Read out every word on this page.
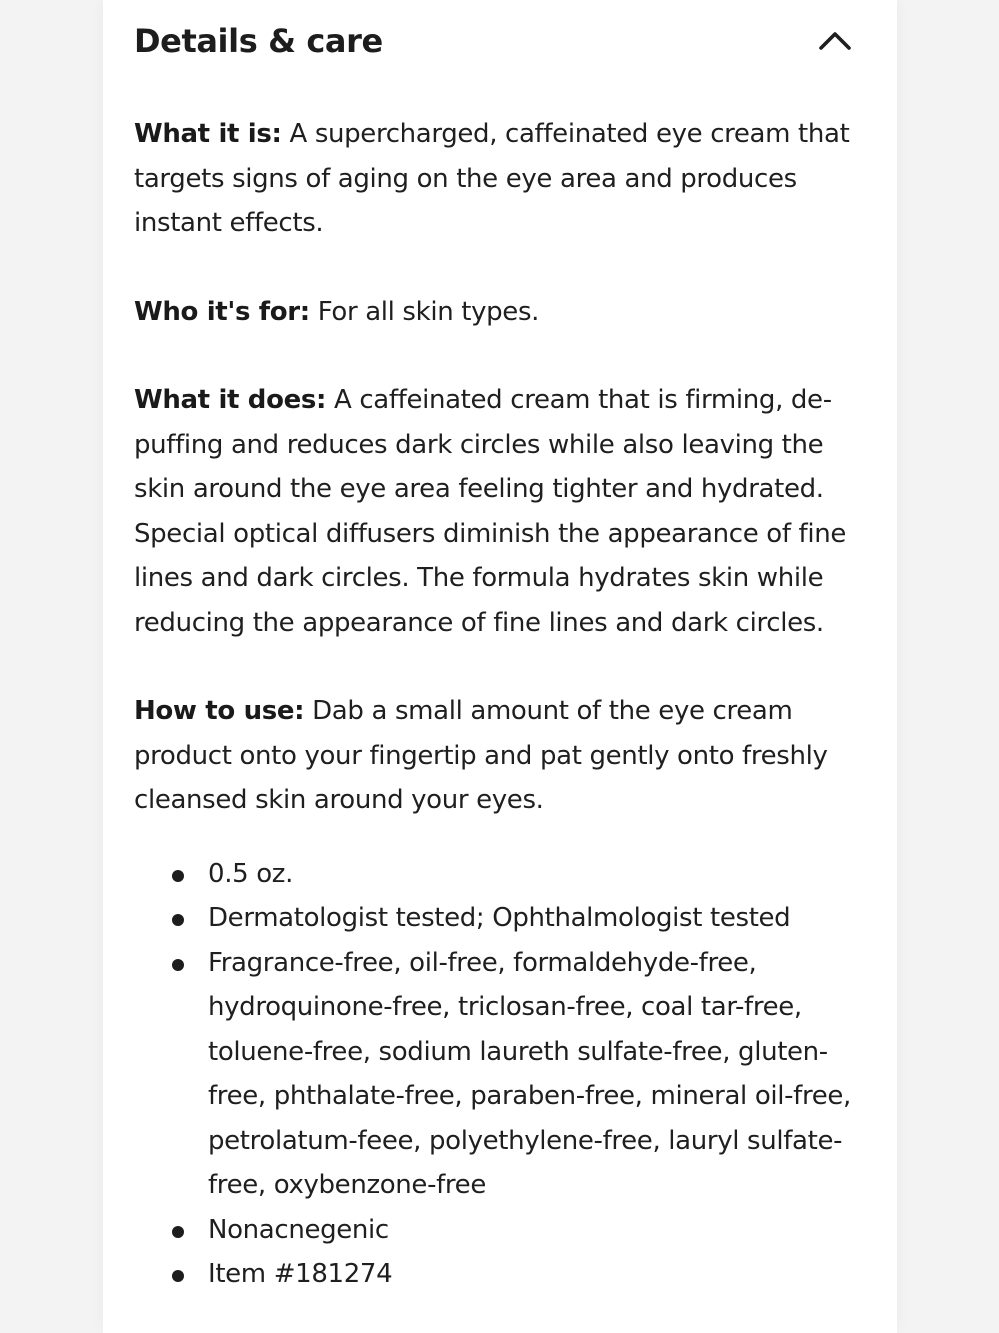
Details & care

What it is: A supercharged, caffeinated eye cream that targets signs of aging on the eye area and produces instant effects.

Who it's for: For all skin types.

What it does: A caffeinated cream that is firming, de-puffing and reduces dark circles while also leaving the skin around the eye area feeling tighter and hydrated. Special optical diffusers diminish the appearance of fine lines and dark circles. The formula hydrates skin while reducing the appearance of fine lines and dark circles.

How to use: Dab a small amount of the eye cream product onto your fingertip and pat gently onto freshly cleansed skin around your eyes.

0.5 oz.
Dermatologist tested; Ophthalmologist tested
Fragrance-free, oil-free, formaldehyde-free, hydroquinone-free, triclosan-free, coal tar-free, toluene-free, sodium laureth sulfate-free, gluten-free, phthalate-free, paraben-free, mineral oil-free, petrolatum-feee, polyethylene-free, lauryl sulfate-free, oxybenzone-free
Nonacnegenic
Item #181274
